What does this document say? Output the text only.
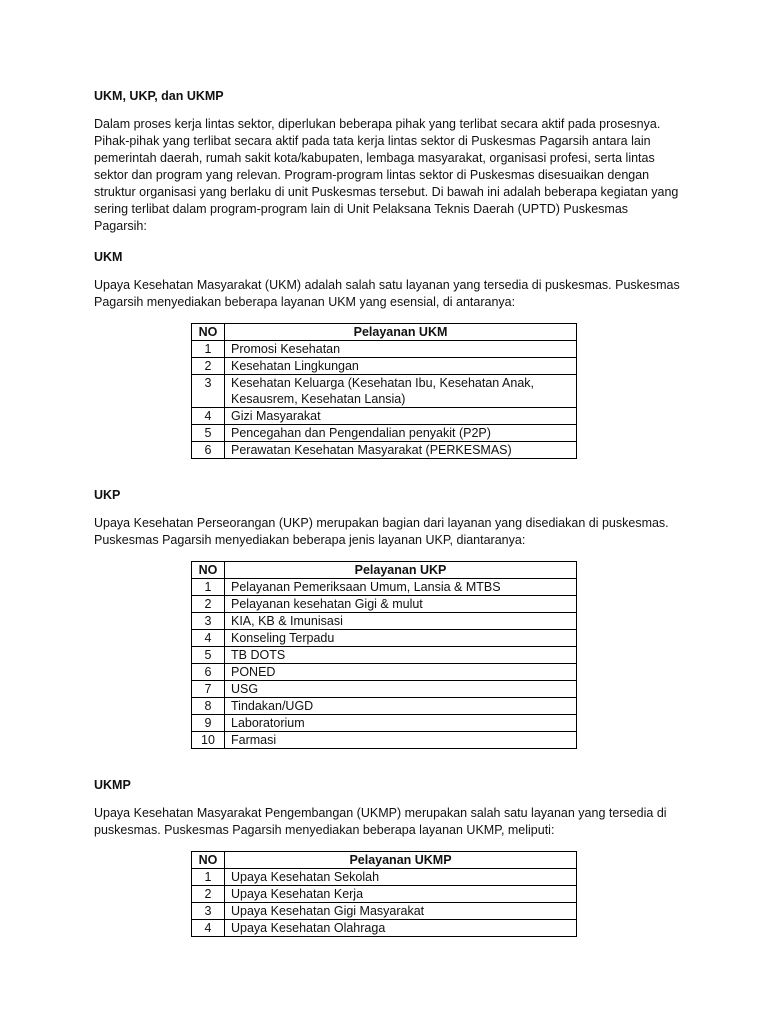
UKM, UKP, dan UKMP

Dalam proses kerja lintas sektor, diperlukan beberapa pihak yang terlibat secara aktif pada prosesnya. Pihak-pihak yang terlibat secara aktif pada tata kerja lintas sektor di Puskesmas Pagarsih antara lain pemerintah daerah, rumah sakit kota/kabupaten, lembaga masyarakat, organisasi profesi, serta lintas sektor dan program yang relevan. Program-program lintas sektor di Puskesmas disesuaikan dengan struktur organisasi yang berlaku di unit Puskesmas tersebut. Di bawah ini adalah beberapa kegiatan yang sering terlibat dalam program-program lain di Unit Pelaksana Teknis Daerah (UPTD) Puskesmas Pagarsih:

UKM

Upaya Kesehatan Masyarakat (UKM) adalah salah satu layanan yang tersedia di puskesmas. Puskesmas Pagarsih menyediakan beberapa layanan UKM yang esensial, di antaranya:

NO	Pelayanan UKM
1	Promosi Kesehatan
2	Kesehatan Lingkungan
3	Kesehatan Keluarga (Kesehatan Ibu, Kesehatan Anak, Kesausrem, Kesehatan Lansia)
4	Gizi Masyarakat
5	Pencegahan dan Pengendalian penyakit (P2P)
6	Perawatan Kesehatan Masyarakat (PERKESMAS)

UKP

Upaya Kesehatan Perseorangan (UKP) merupakan bagian dari layanan yang disediakan di puskesmas. Puskesmas Pagarsih menyediakan beberapa jenis layanan UKP, diantaranya:

NO	Pelayanan UKP
1	Pelayanan Pemeriksaan Umum, Lansia & MTBS
2	Pelayanan kesehatan Gigi & mulut
3	KIA, KB & Imunisasi
4	Konseling Terpadu
5	TB DOTS
6	PONED
7	USG
8	Tindakan/UGD
9	Laboratorium
10	Farmasi

UKMP

Upaya Kesehatan Masyarakat Pengembangan (UKMP) merupakan salah satu layanan yang tersedia di puskesmas. Puskesmas Pagarsih menyediakan beberapa layanan UKMP, meliputi:

NO	Pelayanan UKMP
1	Upaya Kesehatan Sekolah
2	Upaya Kesehatan Kerja
3	Upaya Kesehatan Gigi Masyarakat
4	Upaya Kesehatan Olahraga
